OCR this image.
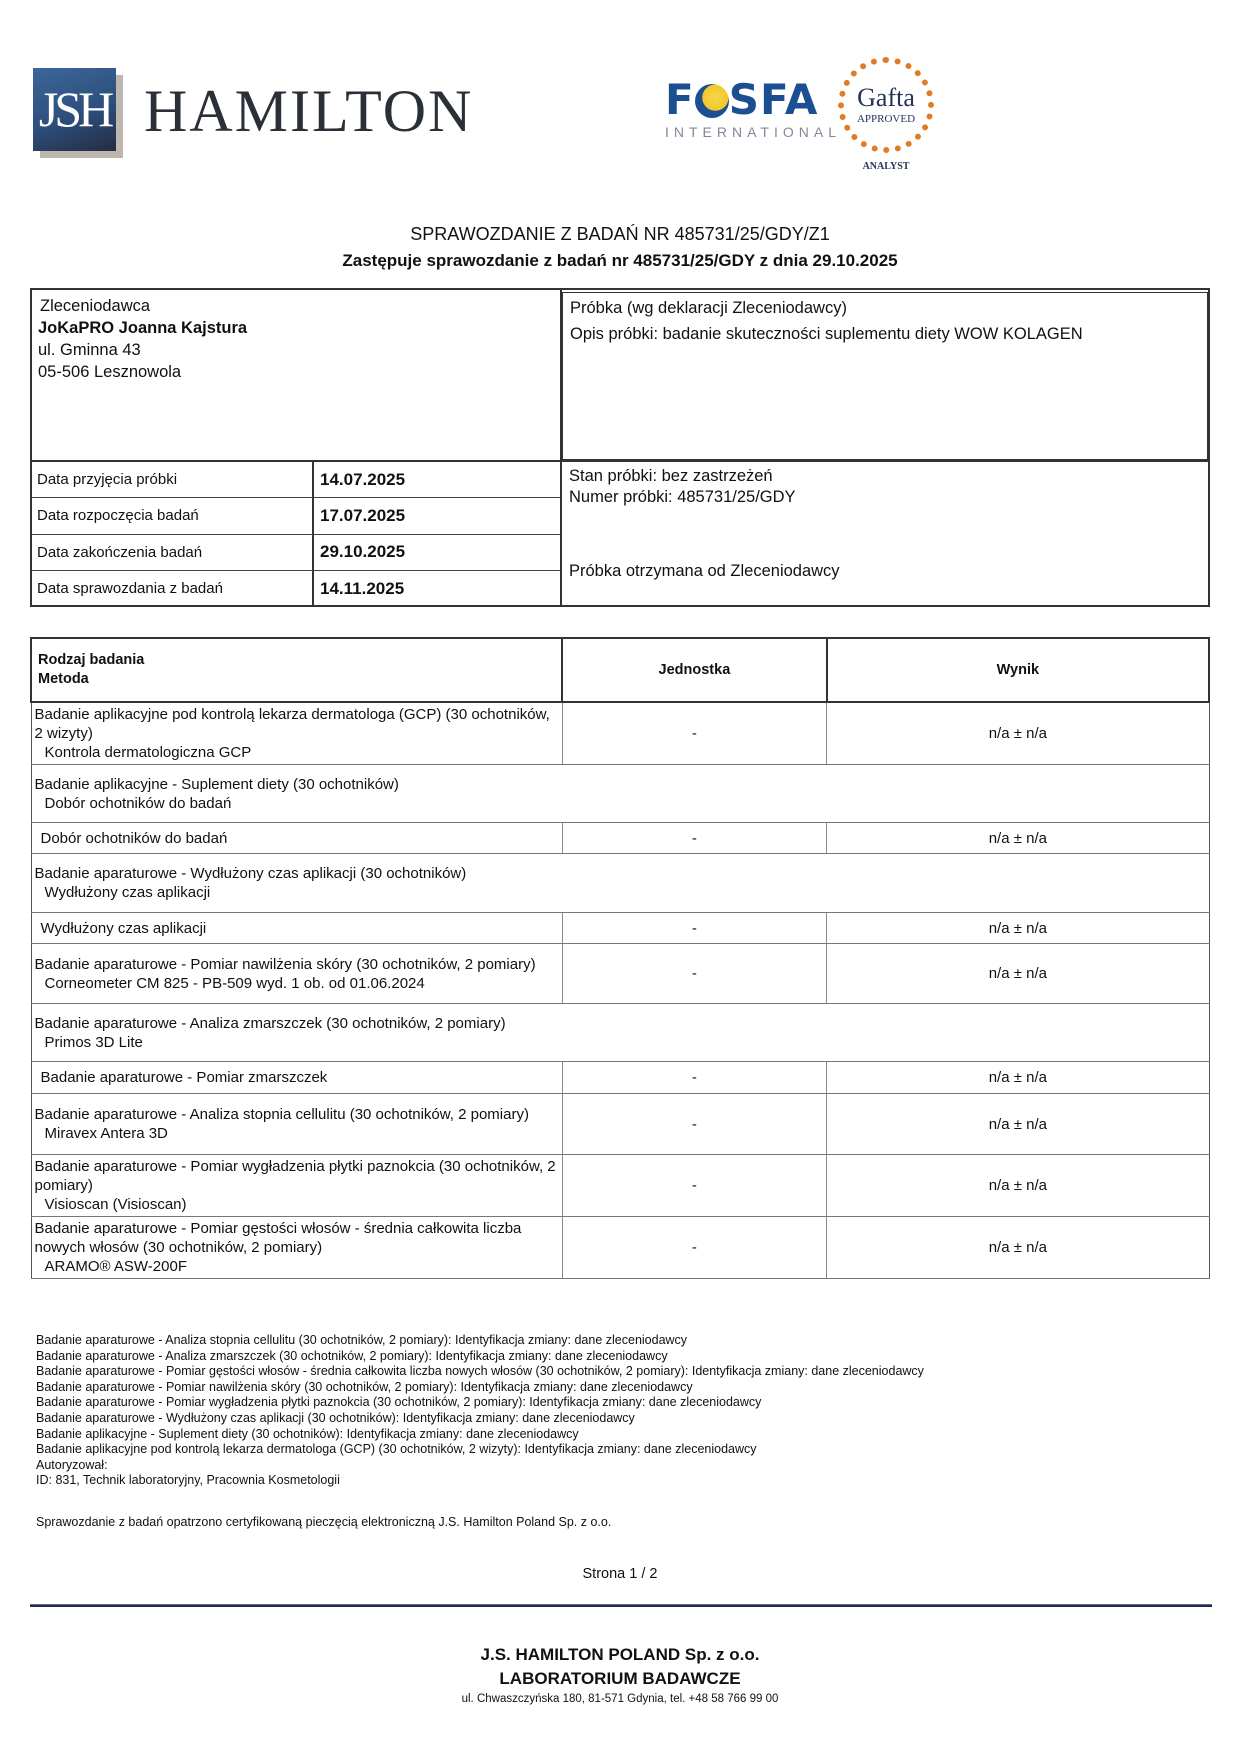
JSH HAMILTON	F SFA
INTERNATIONAL
Gafta
APPROVED
ANALYST
SPRAWOZDANIE Z BADAŃ NR 485731/25/GDY/Z1
Zastępuje sprawozdanie z badań nr 485731/25/GDY z dnia 29.10.2025
Zleceniodawca
JoKaPRO Joanna Kajstura
ul. Gminna 43
05-506 Lesznowola
Próbka (wg deklaracji Zleceniodawcy)
Opis próbki: badanie skuteczności suplementu diety WOW KOLAGEN
Data przyjęcia próbki	14.07.2025
Data rozpoczęcia badań	17.07.2025
Data zakończenia badań	29.10.2025
Data sprawozdania z badań	14.11.2025
Stan próbki: bez zastrzeżeń
Numer próbki: 485731/25/GDY
Próbka otrzymana od Zleceniodawcy
Rodzaj badania
Metoda	Jednostka	Wynik
Badanie aplikacyjne pod kontrolą lekarza dermatologa (GCP) (30 ochotników, 2 wizyty)
Kontrola dermatologiczna GCP	-	n/a ± n/a
Badanie aplikacyjne - Suplement diety (30 ochotników)
Dobór ochotników do badań		

Dobór ochotników do badań	-	n/a ± n/a
Badanie aparaturowe - Wydłużony czas aplikacji (30 ochotników)
Wydłużony czas aplikacji		

Wydłużony czas aplikacji	-	n/a ± n/a
Badanie aparaturowe - Pomiar nawilżenia skóry (30 ochotników, 2 pomiary)
Corneometer CM 825 - PB-509 wyd. 1 ob. od 01.06.2024	-	n/a ± n/a
Badanie aparaturowe - Analiza zmarszczek (30 ochotników, 2 pomiary)
Primos 3D Lite		

Badanie aparaturowe - Pomiar zmarszczek	-	n/a ± n/a
Badanie aparaturowe - Analiza stopnia cellulitu (30 ochotników, 2 pomiary)
Miravex Antera 3D	-	n/a ± n/a
Badanie aparaturowe - Pomiar wygładzenia płytki paznokcia (30 ochotników, 2 pomiary)
Visioscan (Visioscan)	-	n/a ± n/a
Badanie aparaturowe - Pomiar gęstości włosów - średnia całkowita liczba nowych włosów (30 ochotników, 2 pomiary)
ARAMO® ASW-200F	-	n/a ± n/a
Badanie aparaturowe - Analiza stopnia cellulitu (30 ochotników, 2 pomiary): Identyfikacja zmiany: dane zleceniodawcy
Badanie aparaturowe - Analiza zmarszczek (30 ochotników, 2 pomiary): Identyfikacja zmiany: dane zleceniodawcy
Badanie aparaturowe - Pomiar gęstości włosów - średnia całkowita liczba nowych włosów (30 ochotników, 2 pomiary): Identyfikacja zmiany: dane zleceniodawcy
Badanie aparaturowe - Pomiar nawilżenia skóry (30 ochotników, 2 pomiary): Identyfikacja zmiany: dane zleceniodawcy
Badanie aparaturowe - Pomiar wygładzenia płytki paznokcia (30 ochotników, 2 pomiary): Identyfikacja zmiany: dane zleceniodawcy
Badanie aparaturowe - Wydłużony czas aplikacji (30 ochotników): Identyfikacja zmiany: dane zleceniodawcy
Badanie aplikacyjne - Suplement diety (30 ochotników): Identyfikacja zmiany: dane zleceniodawcy
Badanie aplikacyjne pod kontrolą lekarza dermatologa (GCP) (30 ochotników, 2 wizyty): Identyfikacja zmiany: dane zleceniodawcy
Autoryzował:
ID: 831, Technik laboratoryjny, Pracownia Kosmetologii
Sprawozdanie z badań opatrzono certyfikowaną pieczęcią elektroniczną J.S. Hamilton Poland Sp. z o.o.
Strona 1 / 2
J.S. HAMILTON POLAND Sp. z o.o.
LABORATORIUM BADAWCZE
ul. Chwaszczyńska 180, 81-571 Gdynia, tel. +48 58 766 99 00
